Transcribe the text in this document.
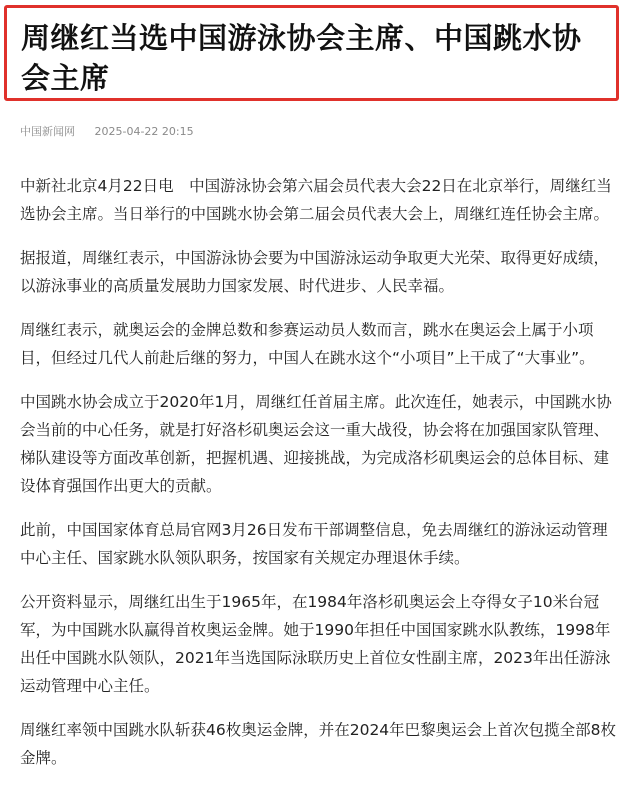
周继红当选中国游泳协会主席、中国跳水协会主席
中国新闻网 2025-04-22 20:15

中新社北京4月22日电　中国游泳协会第六届会员代表大会22日在北京举行，周继红当选协会主席。当日举行的中国跳水协会第二届会员代表大会上，周继红连任协会主席。

据报道，周继红表示，中国游泳协会要为中国游泳运动争取更大光荣、取得更好成绩，以游泳事业的高质量发展助力国家发展、时代进步、人民幸福。

周继红表示，就奥运会的金牌总数和参赛运动员人数而言，跳水在奥运会上属于小项目，但经过几代人前赴后继的努力，中国人在跳水这个“小项目”上干成了“大事业”。

中国跳水协会成立于2020年1月，周继红任首届主席。此次连任，她表示，中国跳水协会当前的中心任务，就是打好洛杉矶奥运会这一重大战役，协会将在加强国家队管理、梯队建设等方面改革创新，把握机遇、迎接挑战，为完成洛杉矶奥运会的总体目标、建设体育强国作出更大的贡献。

此前，中国国家体育总局官网3月26日发布干部调整信息，免去周继红的游泳运动管理中心主任、国家跳水队领队职务，按国家有关规定办理退休手续。

公开资料显示，周继红出生于1965年，在1984年洛杉矶奥运会上夺得女子10米台冠军，为中国跳水队赢得首枚奥运金牌。她于1990年担任中国国家跳水队教练，1998年出任中国跳水队领队，2021年当选国际泳联历史上首位女性副主席，2023年出任游泳运动管理中心主任。

周继红率领中国跳水队斩获46枚奥运金牌，并在2024年巴黎奥运会上首次包揽全部8枚金牌。
